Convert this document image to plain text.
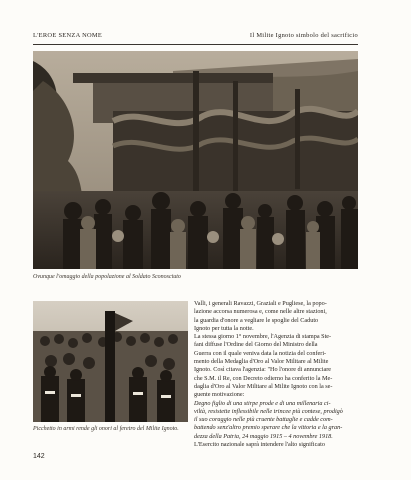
L'EROE SENZA NOME	Il Milite Ignoto simbolo del sacrificio
Ovunque l'omaggio della popolazione al Soldato Sconosciuto
Picchetto in armi rende gli onori al feretro del Milite Ignoto.

Valli, i generali Ravazzi, Graziali e Pugliese, la popo-

lazione accorsa numerosa e, come nelle altre stazioni,

la guardia d'onore a vegliare le spoglie del Caduto

Ignoto per tutta la notte.

La stessa giorno 1° novembre, l'Agenzia di stampa Ste-

fani diffuse l'Ordine del Giorno del Ministro della

Guerra con il quale veniva data la notizia del conferi-

mento della Medaglia d'Oro al Valor Militare al Milite

Ignoto. Così citava l'agenzia: "Ho l'onore di annunciare

che S.M. il Re, con Decreto odierno ha conferito la Me-

daglia d'Oro al Valor Militare al Milite Ignoto con la se-

guente motivazione:

Degno figlio di una stirpe prode e di una millenaria ci-

viltà, resistette inflessibile nelle trincee più contese, prodigò

il suo coraggio nelle più cruente battaglie e cadde com-

battendo senz'altro premio sperare che la vittoria e la gran-

dezza della Patria, 24 maggio 1915 – 4 novembre 1918.

L'Esercito nazionale saprà intendere l'alto significato

142
